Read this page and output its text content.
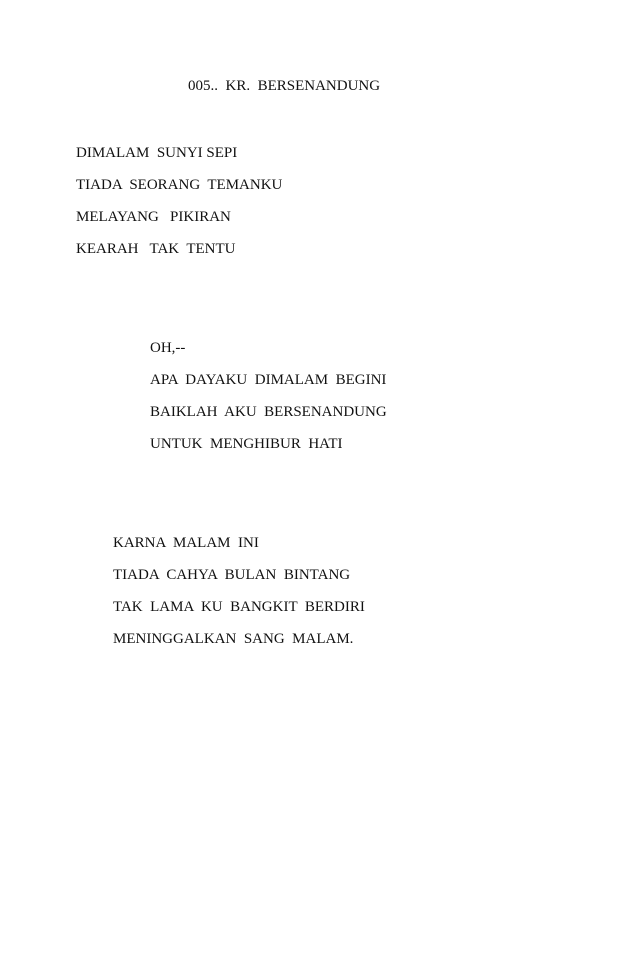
005..  KR.  BERSENANDUNG

DIMALAM  SUNYI SEPI

TIADA  SEORANG  TEMANKU

MELAYANG   PIKIRAN

KEARAH   TAK  TENTU

OH,--

APA  DAYAKU  DIMALAM  BEGINI

BAIKLAH  AKU  BERSENANDUNG

UNTUK  MENGHIBUR  HATI

KARNA  MALAM  INI

TIADA  CAHYA  BULAN  BINTANG

TAK  LAMA  KU  BANGKIT  BERDIRI

MENINGGALKAN  SANG  MALAM.
